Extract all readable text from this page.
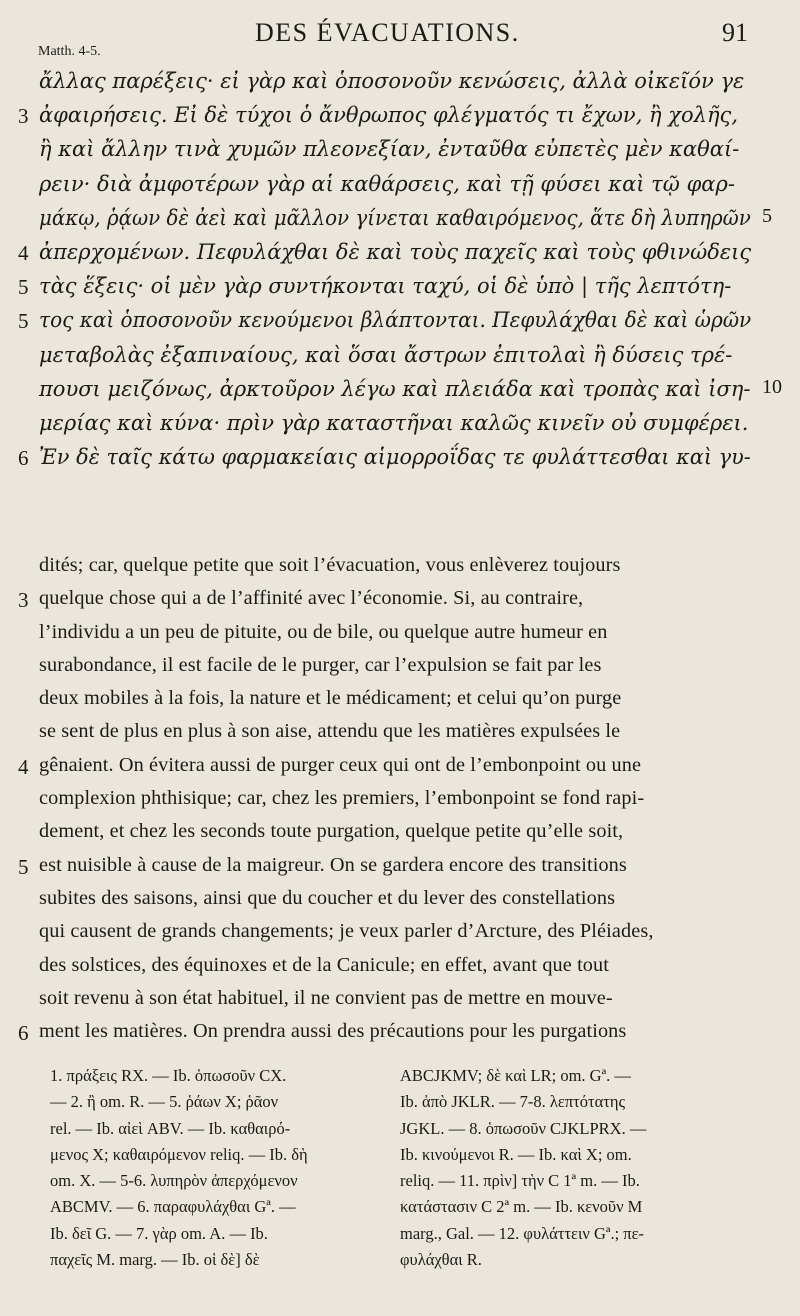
DES ÉVACUATIONS.	91
Matth. 4-5.
ἄλλας παρέξεις· εἰ γὰρ καὶ ὁποσονοῦν κενώσεις, ἀλλὰ οἰκεῖόν γε
3 ἀφαιρήσεις. Εἰ δὲ τύχοι ὁ ἄνθρωπος φλέγματός τι ἔχων, ἢ χολῆς,
ἢ καὶ ἄλλην τινὰ χυμῶν πλεονεξίαν, ἐνταῦθα εὐπετὲς μὲν καθαί-
ρειν· διὰ ἀμφοτέρων γὰρ αἱ καθάρσεις, καὶ τῇ φύσει καὶ τῷ φαρ-
μάκῳ, ῥᾴων δὲ ἀεὶ καὶ μᾶλλον γίνεται καθαιρόμενος, ἅτε δὴ λυπηρῶν 5
4 ἀπερχομένων. Πεφυλάχθαι δὲ καὶ τοὺς παχεῖς καὶ τοὺς φθινώδεις
5 τὰς ἕξεις· οἱ μὲν γὰρ συντήκονται ταχύ, οἱ δὲ ὑπὸ | τῆς λεπτότη-
5 τος καὶ ὁποσονοῦν κενούμενοι βλάπτονται. Πεφυλάχθαι δὲ καὶ ὡρῶν
μεταβολὰς ἐξαπιναίους, καὶ ὅσαι ἄστρων ἐπιτολαὶ ἢ δύσεις τρέ-
πουσι μειζόνως, ἀρκτοῦρον λέγω καὶ πλειάδα καὶ τροπὰς καὶ ἰση- 10
μερίας καὶ κύνα· πρὶν γὰρ καταστῆναι καλῶς κινεῖν οὐ συμφέρει.
6 Ἐν δὲ ταῖς κάτω φαρμακείαις αἱμορροΐδας τε φυλάττεσθαι καὶ γυ-
dités; car, quelque petite que soit l’évacuation, vous enlèverez toujours
3 quelque chose qui a de l’affinité avec l’économie. Si, au contraire,
l’individu a un peu de pituite, ou de bile, ou quelque autre humeur en
surabondance, il est facile de le purger, car l’expulsion se fait par les
deux mobiles à la fois, la nature et le médicament; et celui qu’on purge
se sent de plus en plus à son aise, attendu que les matières expulsées le
4 gênaient. On évitera aussi de purger ceux qui ont de l’embonpoint ou une
complexion phthisique; car, chez les premiers, l’embonpoint se fond rapi-
dement, et chez les seconds toute purgation, quelque petite qu’elle soit,
5 est nuisible à cause de la maigreur. On se gardera encore des transitions
subites des saisons, ainsi que du coucher et du lever des constellations
qui causent de grands changements; je veux parler d’Arcture, des Pléiades,
des solstices, des équinoxes et de la Canicule; en effet, avant que tout
soit revenu à son état habituel, il ne convient pas de mettre en mouve-
6 ment les matières. On prendra aussi des précautions pour les purgations
1. πράξεις RX. — Ib. ὁπωσοῦν CX.
— 2. ἢ om. R. — 5. ῥάων X; ῥᾶον
rel. — Ib. αἰεὶ ABV. — Ib. καθαιρό-
μενος X; καθαιρόμενον reliq. — Ib. δὴ
om. X. — 5-6. λυπηρὸν ἀπερχόμενον
ABCMV. — 6. παραφυλάχθαι Gª. —
Ib. δεῖ G. — 7. γὰρ om. A. — Ib.
παχεῖς M. marg. — Ib. οἱ δὲ] δὲ
ABCJKMV; δὲ καὶ LR; om. Gª. —
Ib. ἀπὸ JKLR. — 7-8. λεπτότατης
JGKL. — 8. ὁπωσοῦν CJKLPRX. —
Ib. κινούμενοι R. — Ib. καὶ X; om.
reliq. — 11. πρὶν] τὴν C 1ª m. — Ib.
κατάστασιν C 2ª m. — Ib. κενοῦν M
marg., Gal. — 12. φυλάττειν Gª.; πε-
φυλάχθαι R.
